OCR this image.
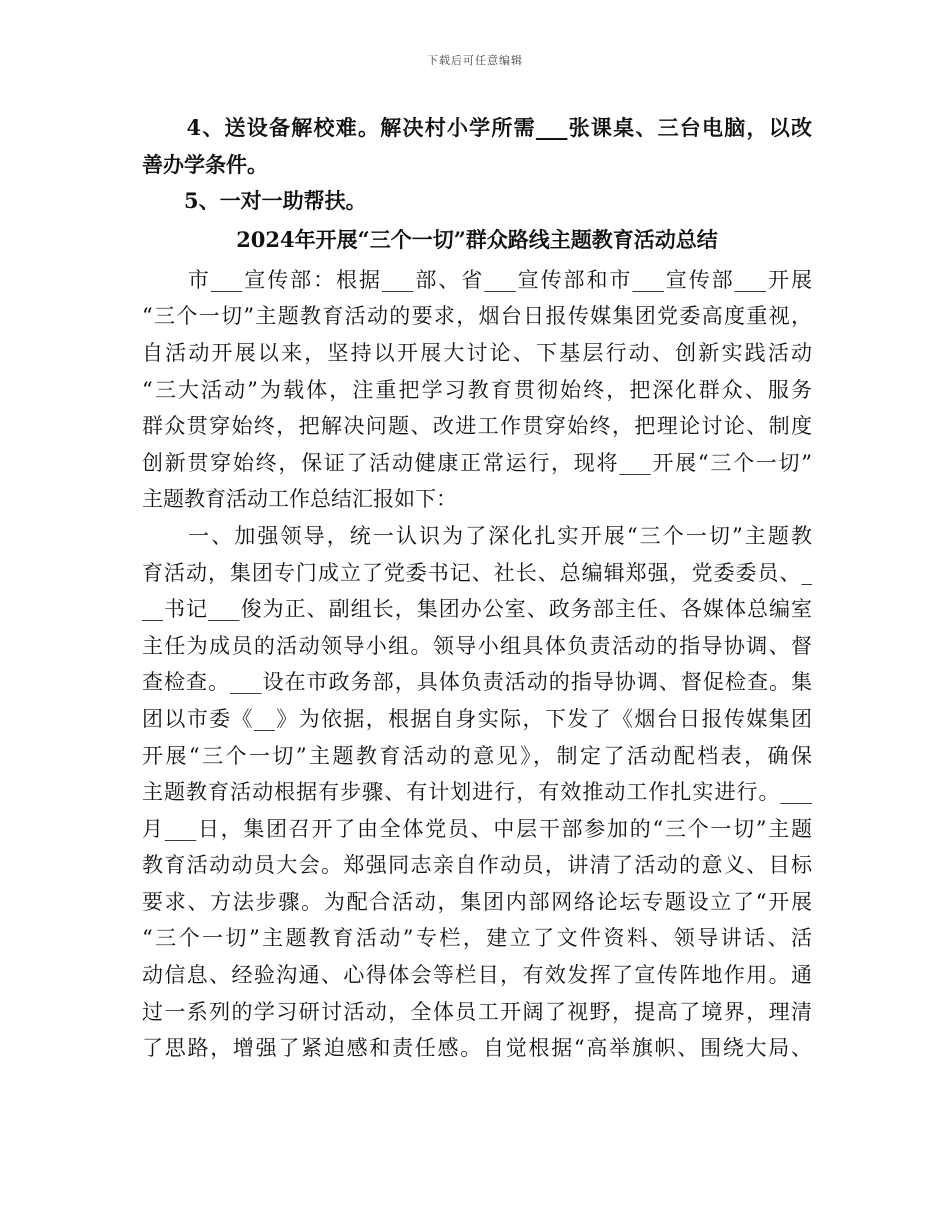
下载后可任意编辑
　　4、送设备解校难。解决村小学所需___张课桌、三台电脑，以改
善办学条件。
　　5、一对一助帮扶。
2024年开展“三个一切”群众路线主题教育活动总结
　　市___宣传部：根据___部、省___宣传部和市___宣传部___开展
“三个一切”主题教育活动的要求，烟台日报传媒集团党委高度重视，
自活动开展以来，坚持以开展大讨论、下基层行动、创新实践活动
“三大活动”为载体，注重把学习教育贯彻始终，把深化群众、服务
群众贯穿始终，把解决问题、改进工作贯穿始终，把理论讨论、制度
创新贯穿始终，保证了活动健康正常运行，现将___开展“三个一切”
主题教育活动工作总结汇报如下：
　　一、加强领导，统一认识为了深化扎实开展“三个一切”主题教
育活动，集团专门成立了党委书记、社长、总编辑郑强，党委委员、_
__书记___俊为正、副组长，集团办公室、政务部主任、各媒体总编室
主任为成员的活动领导小组。领导小组具体负责活动的指导协调、督
查检查。___设在市政务部，具体负责活动的指导协调、督促检查。集
团以市委《__》为依据，根据自身实际，下发了《烟台日报传媒集团
开展“三个一切”主题教育活动的意见》，制定了活动配档表，确保
主题教育活动根据有步骤、有计划进行，有效推动工作扎实进行。___
月___日，集团召开了由全体党员、中层干部参加的“三个一切”主题
教育活动动员大会。郑强同志亲自作动员，讲清了活动的意义、目标
要求、方法步骤。为配合活动，集团内部网络论坛专题设立了“开展
“三个一切”主题教育活动”专栏，建立了文件资料、领导讲话、活
动信息、经验沟通、心得体会等栏目，有效发挥了宣传阵地作用。通
过一系列的学习研讨活动，全体员工开阔了视野，提高了境界，理清
了思路，增强了紧迫感和责任感。自觉根据“高举旗帜、围绕大局、
